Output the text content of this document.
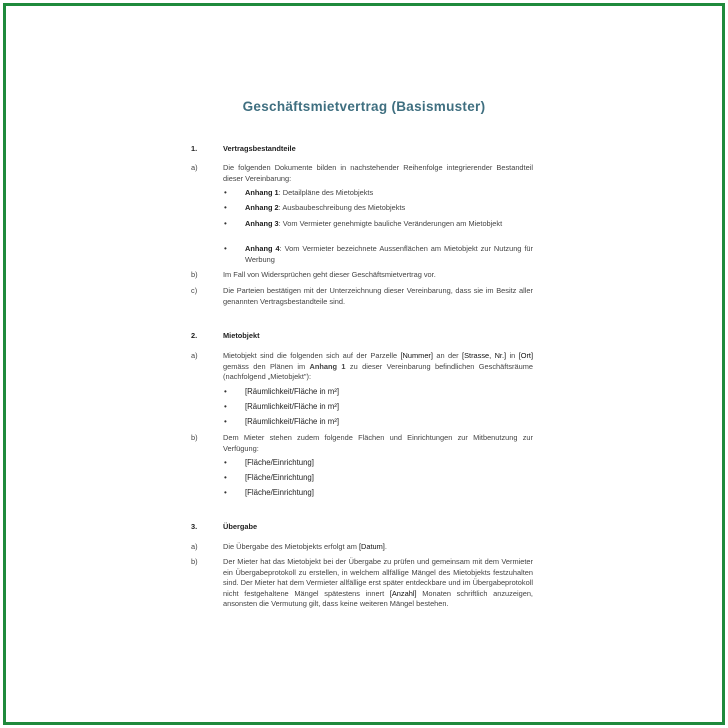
Geschäftsmietvertrag (Basismuster)
1.	Vertragsbestandteile
a)	Die folgenden Dokumente bilden in nachstehender Reihenfolge integrierender Bestandteil dieser Vereinbarung:
• Anhang 1: Detailpläne des Mietobjekts
• Anhang 2: Ausbaubeschreibung des Mietobjekts
• Anhang 3: Vom Vermieter genehmigte bauliche Veränderungen am Mietobjekt
• Anhang 4: Vom Vermieter bezeichnete Aussenflächen am Mietobjekt zur Nutzung für Werbung
b)	Im Fall von Widersprüchen geht dieser Geschäftsmietvertrag vor.
c)	Die Parteien bestätigen mit der Unterzeichnung dieser Vereinbarung, dass sie im Besitz aller genannten Vertragsbestandteile sind.
2.	Mietobjekt
a)	Mietobjekt sind die folgenden sich auf der Parzelle [Nummer] an der [Strasse, Nr.] in [Ort] gemäss den Plänen im Anhang 1 zu dieser Vereinbarung befindlichen Geschäftsräume (nachfolgend „Mietobjekt"):
• [Räumlichkeit/Fläche in m²]
• [Räumlichkeit/Fläche in m²]
• [Räumlichkeit/Fläche in m²]
b)	Dem Mieter stehen zudem folgende Flächen und Einrichtungen zur Mitbenutzung zur Verfügung:
• [Fläche/Einrichtung]
• [Fläche/Einrichtung]
• [Fläche/Einrichtung]
3.	Übergabe
a)	Die Übergabe des Mietobjekts erfolgt am [Datum].
b)	Der Mieter hat das Mietobjekt bei der Übergabe zu prüfen und gemeinsam mit dem Vermieter ein Übergabeprotokoll zu erstellen, in welchem allfällige Mängel des Mietobjekts festzuhalten sind. Der Mieter hat dem Vermieter allfällige erst später entdeckbare und im Übergabeprotokoll nicht festgehaltene Mängel spätestens innert [Anzahl] Monaten schriftlich anzuzeigen, ansonsten die Vermutung gilt, dass keine weiteren Mängel bestehen.
